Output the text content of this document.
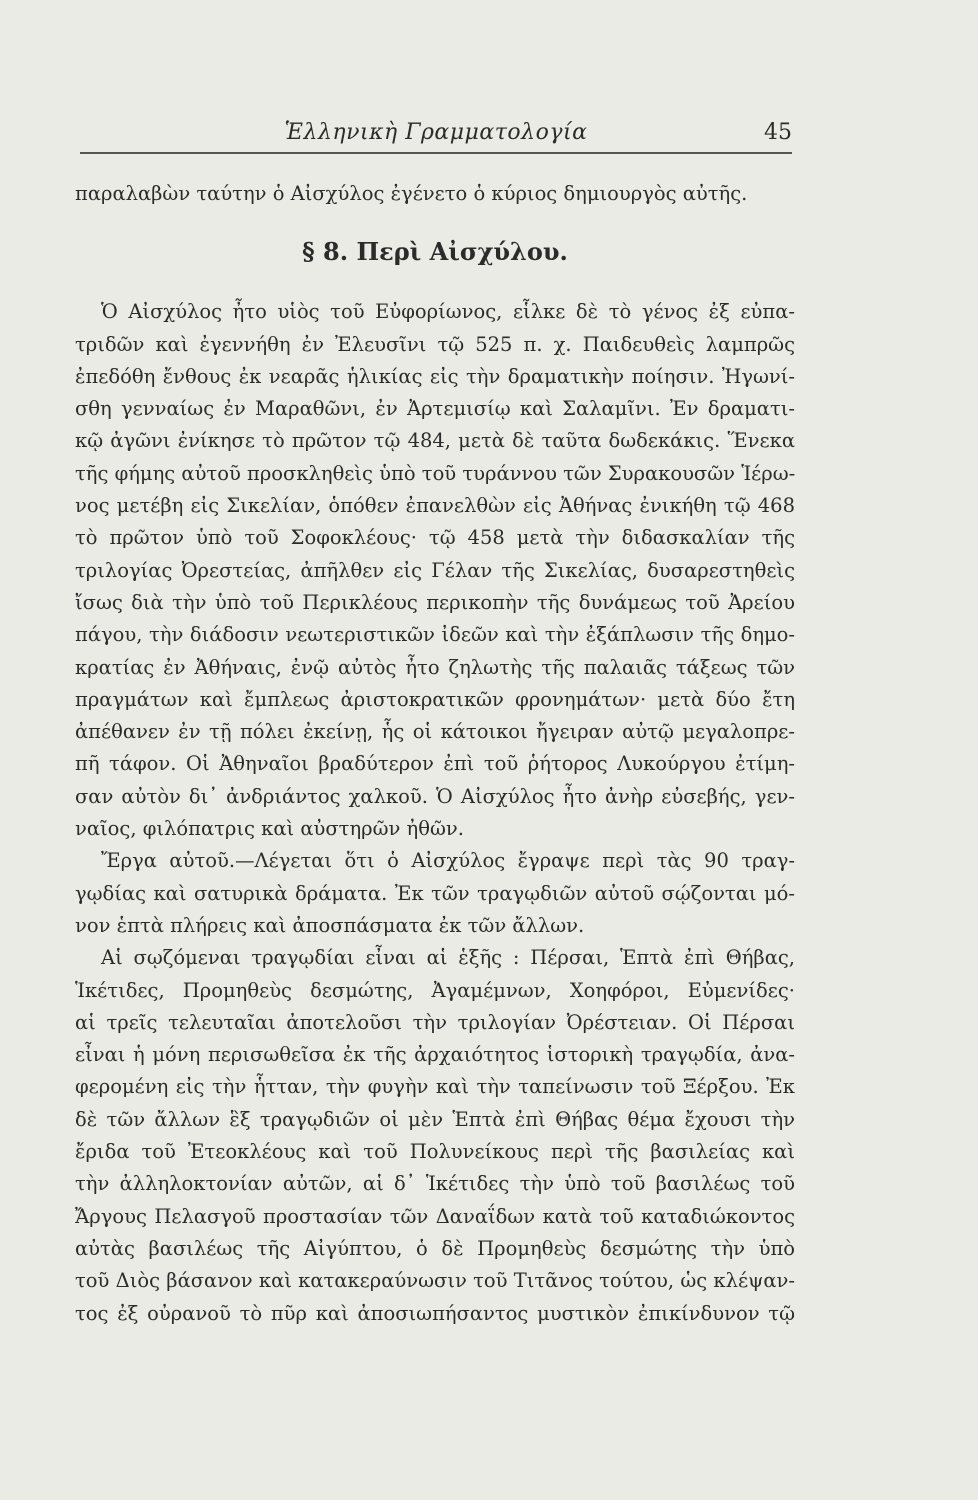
Ἑλληνικὴ Γραμματολογία	45
παραλαβὼν ταύτην ὁ Αἰσχύλος ἐγένετο ὁ κύριος δημιουργὸς αὐτῆς.
§ 8. Περὶ Αἰσχύλου.
Ὁ Αἰσχύλος ἦτο υἱὸς τοῦ Εὐφορίωνος, εἷλκε δὲ τὸ γένος ἐξ εὐπα-
τριδῶν καὶ ἐγεννήθη ἐν Ἐλευσῖνι τῷ 525 π. χ. Παιδευθεὶς λαμπρῶς
ἐπεδόθη ἔνθους ἐκ νεαρᾶς ἡλικίας εἰς τὴν δραματικὴν ποίησιν. Ἠγωνί-
σθη γενναίως ἐν Μαραθῶνι, ἐν Ἀρτεμισίῳ καὶ Σαλαμῖνι. Ἐν δραματι-
κῷ ἀγῶνι ἐνίκησε τὸ πρῶτον τῷ 484, μετὰ δὲ ταῦτα δωδεκάκις. Ἕνεκα
τῆς φήμης αὐτοῦ προσκληθεὶς ὑπὸ τοῦ τυράννου τῶν Συρακουσῶν Ἱέρω-
νος μετέβη εἰς Σικελίαν, ὁπόθεν ἐπανελθὼν εἰς Ἀθήνας ἐνικήθη τῷ 468
τὸ πρῶτον ὑπὸ τοῦ Σοφοκλέους· τῷ 458 μετὰ τὴν διδασκαλίαν τῆς
τριλογίας Ὀρεστείας, ἀπῆλθεν εἰς Γέλαν τῆς Σικελίας, δυσαρεστηθεὶς
ἴσως διὰ τὴν ὑπὸ τοῦ Περικλέους περικοπὴν τῆς δυνάμεως τοῦ Ἀρείου
πάγου, τὴν διάδοσιν νεωτεριστικῶν ἰδεῶν καὶ τὴν ἐξάπλωσιν τῆς δημο-
κρατίας ἐν Ἀθήναις, ἐνῷ αὐτὸς ἦτο ζηλωτὴς τῆς παλαιᾶς τάξεως τῶν
πραγμάτων καὶ ἔμπλεως ἀριστοκρατικῶν φρονημάτων· μετὰ δύο ἔτη
ἀπέθανεν ἐν τῇ πόλει ἐκείνῃ, ἧς οἱ κάτοικοι ἤγειραν αὐτῷ μεγαλοπρε-
πῆ τάφον. Οἱ Ἀθηναῖοι βραδύτερον ἐπὶ τοῦ ῥήτορος Λυκούργου ἐτίμη-
σαν αὐτὸν δι᾽ ἀνδριάντος χαλκοῦ. Ὁ Αἰσχύλος ἦτο ἀνὴρ εὐσεβής, γεν-
ναῖος, φιλόπατρις καὶ αὐστηρῶν ἠθῶν.
Ἔργα αὐτοῦ.—Λέγεται ὅτι ὁ Αἰσχύλος ἔγραψε περὶ τὰς 90 τραγ-
γῳδίας καὶ σατυρικὰ δράματα. Ἐκ τῶν τραγῳδιῶν αὐτοῦ σῴζονται μό-
νον ἑπτὰ πλήρεις καὶ ἀποσπάσματα ἐκ τῶν ἄλλων.
Αἱ σῳζόμεναι τραγῳδίαι εἶναι αἱ ἑξῆς : Πέρσαι, Ἑπτὰ ἐπὶ Θήβας,
Ἱκέτιδες, Προμηθεὺς δεσμώτης, Ἀγαμέμνων, Χοηφόροι, Εὐμενίδες·
αἱ τρεῖς τελευταῖαι ἀποτελοῦσι τὴν τριλογίαν Ὀρέστειαν. Οἱ Πέρσαι
εἶναι ἡ μόνη περισωθεῖσα ἐκ τῆς ἀρχαιότητος ἱστορικὴ τραγῳδία, ἀνα-
φερομένη εἰς τὴν ἧτταν, τὴν φυγὴν καὶ τὴν ταπείνωσιν τοῦ Ξέρξου. Ἐκ
δὲ τῶν ἄλλων ἓξ τραγῳδιῶν οἱ μὲν Ἑπτὰ ἐπὶ Θήβας θέμα ἔχουσι τὴν
ἔριδα τοῦ Ἐτεοκλέους καὶ τοῦ Πολυνείκους περὶ τῆς βασιλείας καὶ
τὴν ἀλληλοκτονίαν αὐτῶν, αἱ δ᾽ Ἱκέτιδες τὴν ὑπὸ τοῦ βασιλέως τοῦ
Ἄργους Πελασγοῦ προστασίαν τῶν Δαναΐδων κατὰ τοῦ καταδιώκοντος
αὐτὰς βασιλέως τῆς Αἰγύπτου, ὁ δὲ Προμηθεὺς δεσμώτης τὴν ὑπὸ
τοῦ Διὸς βάσανον καὶ κατακεραύνωσιν τοῦ Τιτᾶνος τούτου, ὡς κλέψαν-
τος ἐξ οὐρανοῦ τὸ πῦρ καὶ ἀποσιωπήσαντος μυστικὸν ἐπικίνδυνον τῷ
